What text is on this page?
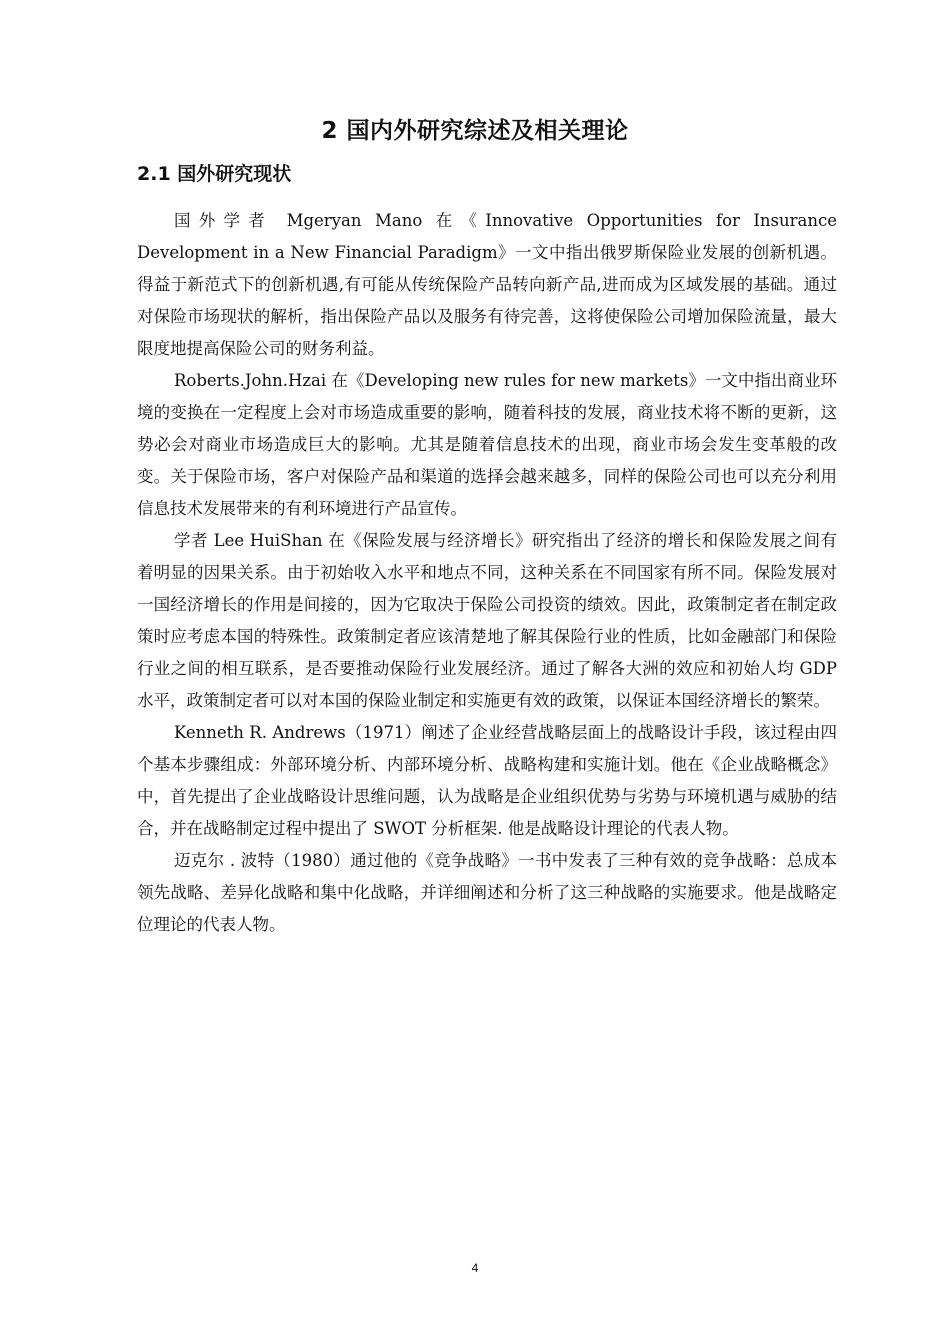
2 国内外研究综述及相关理论
2.1 国外研究现状

国外学者 Mgeryan Mano 在《Innovative Opportunities for Insurance Development in a New Financial Paradigm》一文中指出俄罗斯保险业发展的创新机遇。得益于新范式下的创新机遇,有可能从传统保险产品转向新产品,进而成为区域发展的基础。通过对保险市场现状的解析，指出保险产品以及服务有待完善，这将使保险公司增加保险流量，最大限度地提高保险公司的财务利益。

Roberts.John.Hzai 在《Developing new rules for new markets》一文中指出商业环境的变换在一定程度上会对市场造成重要的影响，随着科技的发展，商业技术将不断的更新，这势必会对商业市场造成巨大的影响。尤其是随着信息技术的出现，商业市场会发生变革般的改变。关于保险市场，客户对保险产品和渠道的选择会越来越多，同样的保险公司也可以充分利用信息技术发展带来的有利环境进行产品宣传。

学者 Lee HuiShan 在《保险发展与经济增长》研究指出了经济的增长和保险发展之间有着明显的因果关系。由于初始收入水平和地点不同，这种关系在不同国家有所不同。保险发展对一国经济增长的作用是间接的，因为它取决于保险公司投资的绩效。因此，政策制定者在制定政策时应考虑本国的特殊性。政策制定者应该清楚地了解其保险行业的性质，比如金融部门和保险行业之间的相互联系，是否要推动保险行业发展经济。通过了解各大洲的效应和初始人均 GDP 水平，政策制定者可以对本国的保险业制定和实施更有效的政策，以保证本国经济增长的繁荣。

Kenneth R. Andrews（1971）阐述了企业经营战略层面上的战略设计手段，该过程由四个基本步骤组成：外部环境分析、内部环境分析、战略构建和实施计划。他在《企业战略概念》中，首先提出了企业战略设计思维问题，认为战略是企业组织优势与劣势与环境机遇与威胁的结合，并在战略制定过程中提出了 SWOT 分析框架. 他是战略设计理论的代表人物。

迈克尔 . 波特（1980）通过他的《竞争战略》一书中发表了三种有效的竞争战略：总成本领先战略、差异化战略和集中化战略，并详细阐述和分析了这三种战略的实施要求。他是战略定位理论的代表人物。

4
